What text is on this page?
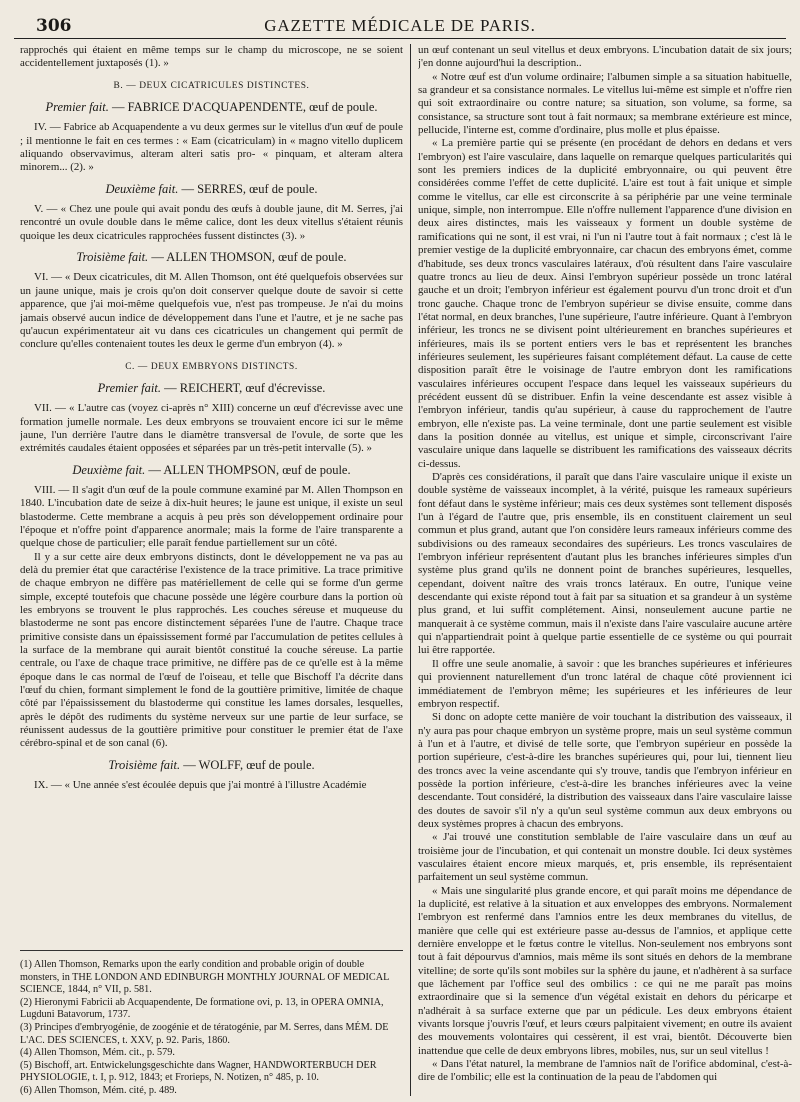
306	GAZETTE MÉDICALE DE PARIS.

rapprochés qui étaient en même temps sur le champ du microscope, ne se soient accidentellement juxtaposés (1). »

B. — DEUX CICATRICULES DISTINCTES.
Premier fait. — FABRICE D'ACQUAPENDENTE, œuf de poule.

IV. — Fabrice ab Acquapendente a vu deux germes sur le vitellus d'un œuf de poule ; il mentionne le fait en ces termes : « Eam (cicatriculam) in « magno vitello duplicem aliquando observavimus, alteram alteri satis pro- « pinquam, et alteram altera minorem... (2). »

Deuxième fait. — SERRES, œuf de poule.

V. — « Chez une poule qui avait pondu des œufs à double jaune, dit M. Serres, j'ai rencontré un ovule double dans le même calice, dont les deux vitellus s'étaient réunis quoique les deux cicatricules rapprochées fussent distinctes (3). »

Troisième fait. — ALLEN THOMSON, œuf de poule.

VI. — « Deux cicatricules, dit M. Allen Thomson, ont été quelquefois observées sur un jaune unique, mais je crois qu'on doit conserver quelque doute de savoir si cette apparence, que j'ai moi-même quelquefois vue, n'est pas trompeuse. Je n'ai du moins jamais observé aucun indice de développement dans l'une et l'autre, et je ne sache pas qu'aucun expérimentateur ait vu dans ces cicatricules un changement qui permît de conclure qu'elles contenaient toutes les deux le germe d'un embryon (4). »

C. — DEUX EMBRYONS DISTINCTS.
Premier fait. — REICHERT, œuf d'écrevisse.

VII. — « L'autre cas (voyez ci-après n° XIII) concerne un œuf d'écrevisse avec une formation jumelle normale. Les deux embryons se trouvaient encore ici sur le même jaune, l'un derrière l'autre dans le diamètre transversal de l'ovule, de sorte que les extrémités caudales étaient opposées et séparées par un très-petit intervalle (5). »

Deuxième fait. — ALLEN THOMPSON, œuf de poule.

VIII. — Il s'agit d'un œuf de la poule commune examiné par M. Allen Thompson en 1840. L'incubation date de seize à dix-huit heures; le jaune est unique, il existe un seul blastoderme. Cette membrane a acquis à peu près son développement ordinaire pour l'époque et n'offre point d'apparence anormale; mais la forme de l'aire transparente a quelque chose de particulier; elle paraît fendue partiellement sur un côté.

Il y a sur cette aire deux embryons distincts, dont le développement ne va pas au delà du premier état que caractérise l'existence de la trace primitive. La trace primitive de chaque embryon ne diffère pas matériellement de celle qui se forme d'un germe simple, excepté toutefois que chacune possède une légère courbure dans la portion où les embryons se trouvent le plus rapprochés. Les couches séreuse et muqueuse du blastoderme ne sont pas encore distinctement séparées l'une de l'autre. Chaque trace primitive consiste dans un épaississement formé par l'accumulation de petites cellules à la surface de la membrane qui aurait bientôt constitué la couche séreuse. La partie centrale, ou l'axe de chaque trace primitive, ne diffère pas de ce qu'elle est à la même époque dans le cas normal de l'œuf de l'oiseau, et telle que Bischoff l'a décrite dans l'œuf du chien, formant simplement le fond de la gouttière primitive, limitée de chaque côté par l'épaississement du blastoderme qui constitue les lames dorsales, lesquelles, après le dépôt des rudiments du système nerveux sur une partie de leur surface, se réunissent audessus de la gouttière primitive pour constituer le premier état de l'axe cérébro-spinal et de son canal (6).

Troisième fait. — WOLFF, œuf de poule.

IX. — « Une année s'est écoulée depuis que j'ai montré à l'illustre Académie

(1) Allen Thomson, Remarks upon the early condition and probable origin of double monsters, in THE LONDON AND EDINBURGH MONTHLY JOURNAL OF MEDICAL SCIENCE, 1844, n° VII, p. 581.

(2) Hieronymi Fabricii ab Acquapendente, De formatione ovi, p. 13, in OPERA OMNIA, Lugduni Batavorum, 1737.

(3) Principes d'embryogénie, de zoogénie et de tératogénie, par M. Serres, dans MÉM. DE L'AC. DES SCIENCES, t. XXV, p. 92. Paris, 1860.

(4) Allen Thomson, Mém. cit., p. 579.

(5) Bischoff, art. Entwickelungsgeschichte dans Wagner, HANDWORTERBUCH DER PHYSIOLOGIE, t. I, p. 912, 1843; et Frorieps, N. Notizen, n° 485, p. 10.

(6) Allen Thomson, Mém. cité, p. 489.

un œuf contenant un seul vitellus et deux embryons. L'incubation datait de six jours; j'en donne aujourd'hui la description..

« Notre œuf est d'un volume ordinaire; l'albumen simple a sa situation habituelle, sa grandeur et sa consistance normales. Le vitellus lui-même est simple et n'offre rien qui soit extraordinaire ou contre nature; sa situation, son volume, sa forme, sa consistance, sa structure sont tout à fait normaux; sa membrane extérieure est mince, pellucide, l'interne est, comme d'ordinaire, plus molle et plus épaisse.

« La première partie qui se présente (en procédant de dehors en dedans et vers l'embryon) est l'aire vasculaire, dans laquelle on remarque quelques particularités qui sont les premiers indices de la duplicité embryonnaire, ou qui peuvent être considérées comme l'effet de cette duplicité. L'aire est tout à fait unique et simple comme le vitellus, car elle est circonscrite à sa périphérie par une veine terminale unique, simple, non interrompue. Elle n'offre nullement l'apparence d'une division en deux aires distinctes, mais les vaisseaux y forment un double système de ramifications qui ne sont, il est vrai, ni l'un ni l'autre tout à fait normaux ; c'est là le premier vestige de la duplicité embryonnaire, car chacun des embryons émet, comme d'habitude, ses deux troncs vasculaires latéraux, d'où résultent dans l'aire vasculaire quatre troncs au lieu de deux. Ainsi l'embryon supérieur possède un tronc latéral gauche et un droit; l'embryon inférieur est également pourvu d'un tronc droit et d'un tronc gauche. Chaque tronc de l'embryon supérieur se divise ensuite, comme dans l'état normal, en deux branches, l'une supérieure, l'autre inférieure. Quant à l'embryon inférieur, les troncs ne se divisent point ultérieurement en branches supérieures et inférieures, mais ils se portent entiers vers le bas et représentent les branches inférieures seulement, les supérieures faisant complétement défaut. La cause de cette disposition paraît être le voisinage de l'autre embryon dont les ramifications vasculaires inférieures occupent l'espace dans lequel les vaisseaux supérieurs du précédent eussent dû se distribuer. Enfin la veine descendante est assez visible à l'embryon inférieur, tandis qu'au supérieur, à cause du rapprochement de l'autre embryon, elle n'existe pas. La veine terminale, dont une partie seulement est visible dans la position donnée au vitellus, est unique et simple, circonscrivant l'aire vasculaire unique dans laquelle se distribuent les ramifications des vaisseaux décrits ci-dessus.

D'après ces considérations, il paraît que dans l'aire vasculaire unique il existe un double système de vaisseaux incomplet, à la vérité, puisque les rameaux supérieurs font défaut dans le système inférieur; mais ces deux systèmes sont tellement disposés l'un à l'égard de l'autre que, pris ensemble, ils en constituent clairement un seul commun et plus grand, autant que l'on considère leurs rameaux inférieurs comme des subdivisions ou des rameaux secondaires des supérieurs. Les troncs vasculaires de l'embryon inférieur représentent d'autant plus les branches inférieures simples d'un système plus grand qu'ils ne donnent point de branches supérieures, lesquelles, cependant, doivent naître des vrais troncs latéraux. En outre, l'unique veine descendante qui existe répond tout à fait par sa situation et sa grandeur à un système plus grand, et lui suffit complétement. Ainsi, nonseulement aucune partie ne manquerait à ce système commun, mais il n'existe dans l'aire vasculaire aucune artère qui n'appartiendrait point à quelque partie essentielle de ce système ou qui pourrait lui être rapportée.

Il offre une seule anomalie, à savoir : que les branches supérieures et inférieures qui proviennent naturellement d'un tronc latéral de chaque côté proviennent ici immédiatement de l'embryon même; les supérieures et les inférieures de leur embryon respectif.

Si donc on adopte cette manière de voir touchant la distribution des vaisseaux, il n'y aura pas pour chaque embryon un système propre, mais un seul système commun à l'un et à l'autre, et divisé de telle sorte, que l'embryon supérieur en possède la portion supérieure, c'est-à-dire les branches supérieures qui, pour lui, tiennent lieu des troncs avec la veine ascendante qui s'y trouve, tandis que l'embryon inférieur en possède la portion inférieure, c'est-à-dire les branches inférieures avec la veine descendante. Tout considéré, la distribution des vaisseaux dans l'aire vasculaire laisse des doutes de savoir s'il n'y a qu'un seul système commun aux deux embryons ou deux systèmes propres à chacun des embryons.

« J'ai trouvé une constitution semblable de l'aire vasculaire dans un œuf au troisième jour de l'incubation, et qui contenait un monstre double. Ici deux systèmes vasculaires étaient encore mieux marqués, et, pris ensemble, ils représentaient parfaitement un seul système commun.

« Mais une singularité plus grande encore, et qui paraît moins me dépendance de la duplicité, est relative à la situation et aux enveloppes des embryons. Normalement l'embryon est renfermé dans l'amnios entre les deux membranes du vitellus, de manière que celle qui est extérieure passe au-dessus de l'amnios, et applique cette dernière enveloppe et le fœtus contre le vitellus. Non-seulement nos embryons sont tout à fait dépourvus d'amnios, mais même ils sont situés en dehors de la membrane vitelline; de sorte qu'ils sont mobiles sur la sphère du jaune, et n'adhèrent à sa surface que lâchement par l'office seul des ombilics : ce qui ne me paraît pas moins extraordinaire que si la semence d'un végétal existait en dehors du péricarpe et n'adhérait à sa surface externe que par un pédicule. Les deux embryons étaient vivants lorsque j'ouvris l'œuf, et leurs cœurs palpitaient vivement; en outre ils avaient des mouvements volontaires qui cessèrent, il est vrai, bientôt. Découverte bien inattendue que celle de deux embryons libres, mobiles, nus, sur un seul vitellus !

« Dans l'état naturel, la membrane de l'amnios naît de l'orifice abdominal, c'est-à-dire de l'ombilic; elle est la continuation de la peau de l'abdomen qui
